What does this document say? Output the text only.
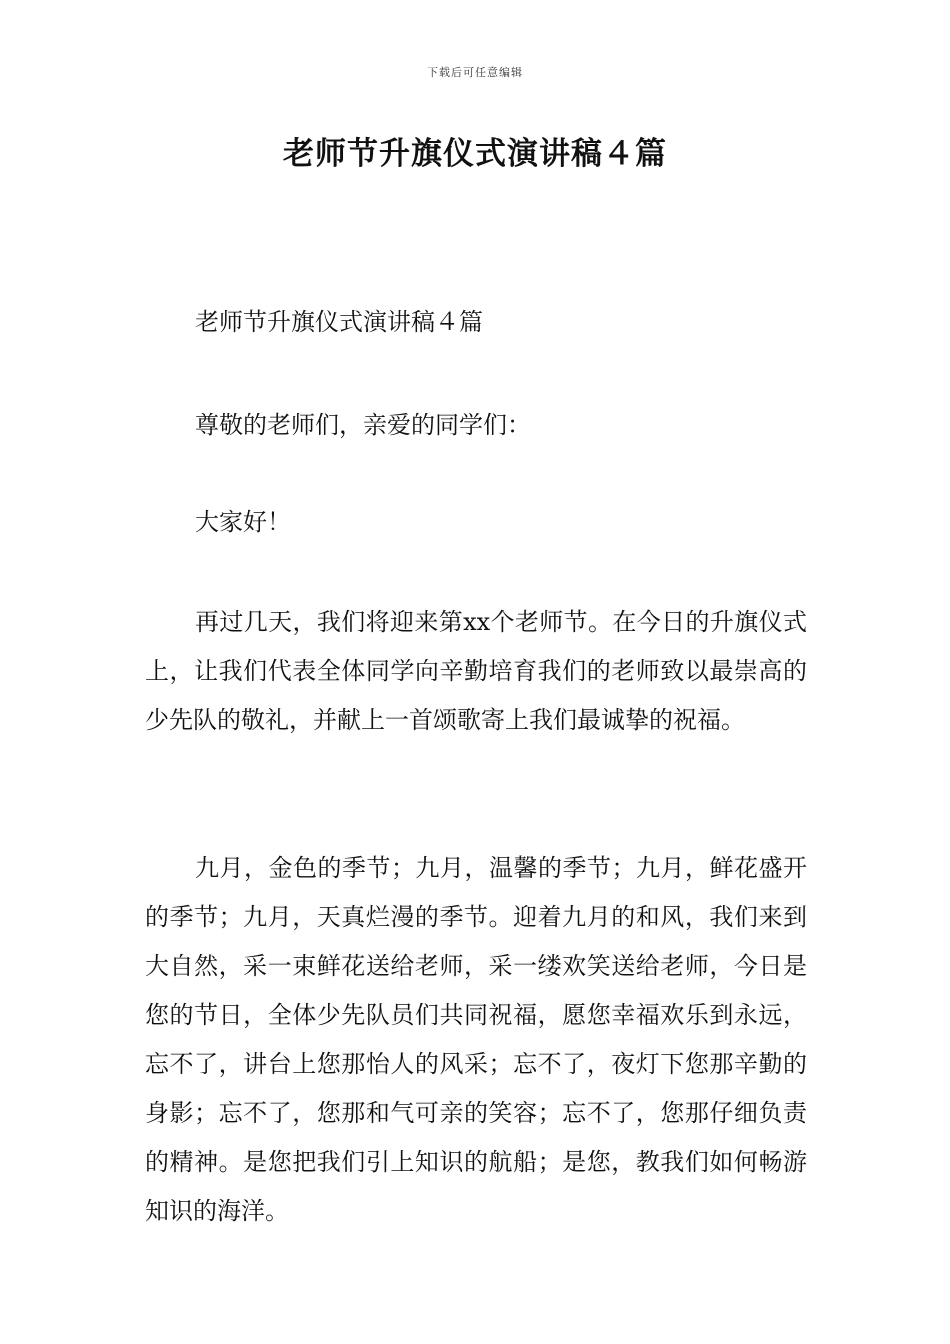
下载后可任意编辑
老师节升旗仪式演讲稿４篇

老师节升旗仪式演讲稿４篇

尊敬的老师们，亲爱的同学们：

大家好！

再过几天，我们将迎来第xx个老师节。在今日的升旗仪式上，让我们代表全体同学向辛勤培育我们的老师致以最崇高的少先队的敬礼，并献上一首颂歌寄上我们最诚挚的祝福。

九月，金色的季节；九月，温馨的季节；九月，鲜花盛开的季节；九月，天真烂漫的季节。迎着九月的和风，我们来到大自然，采一束鲜花送给老师，采一缕欢笑送给老师，今日是您的节日，全体少先队员们共同祝福，愿您幸福欢乐到永远，忘不了，讲台上您那怡人的风采；忘不了，夜灯下您那辛勤的身影；忘不了，您那和气可亲的笑容；忘不了，您那仔细负责的精神。是您把我们引上知识的航船；是您，教我们如何畅游知识的海洋。
